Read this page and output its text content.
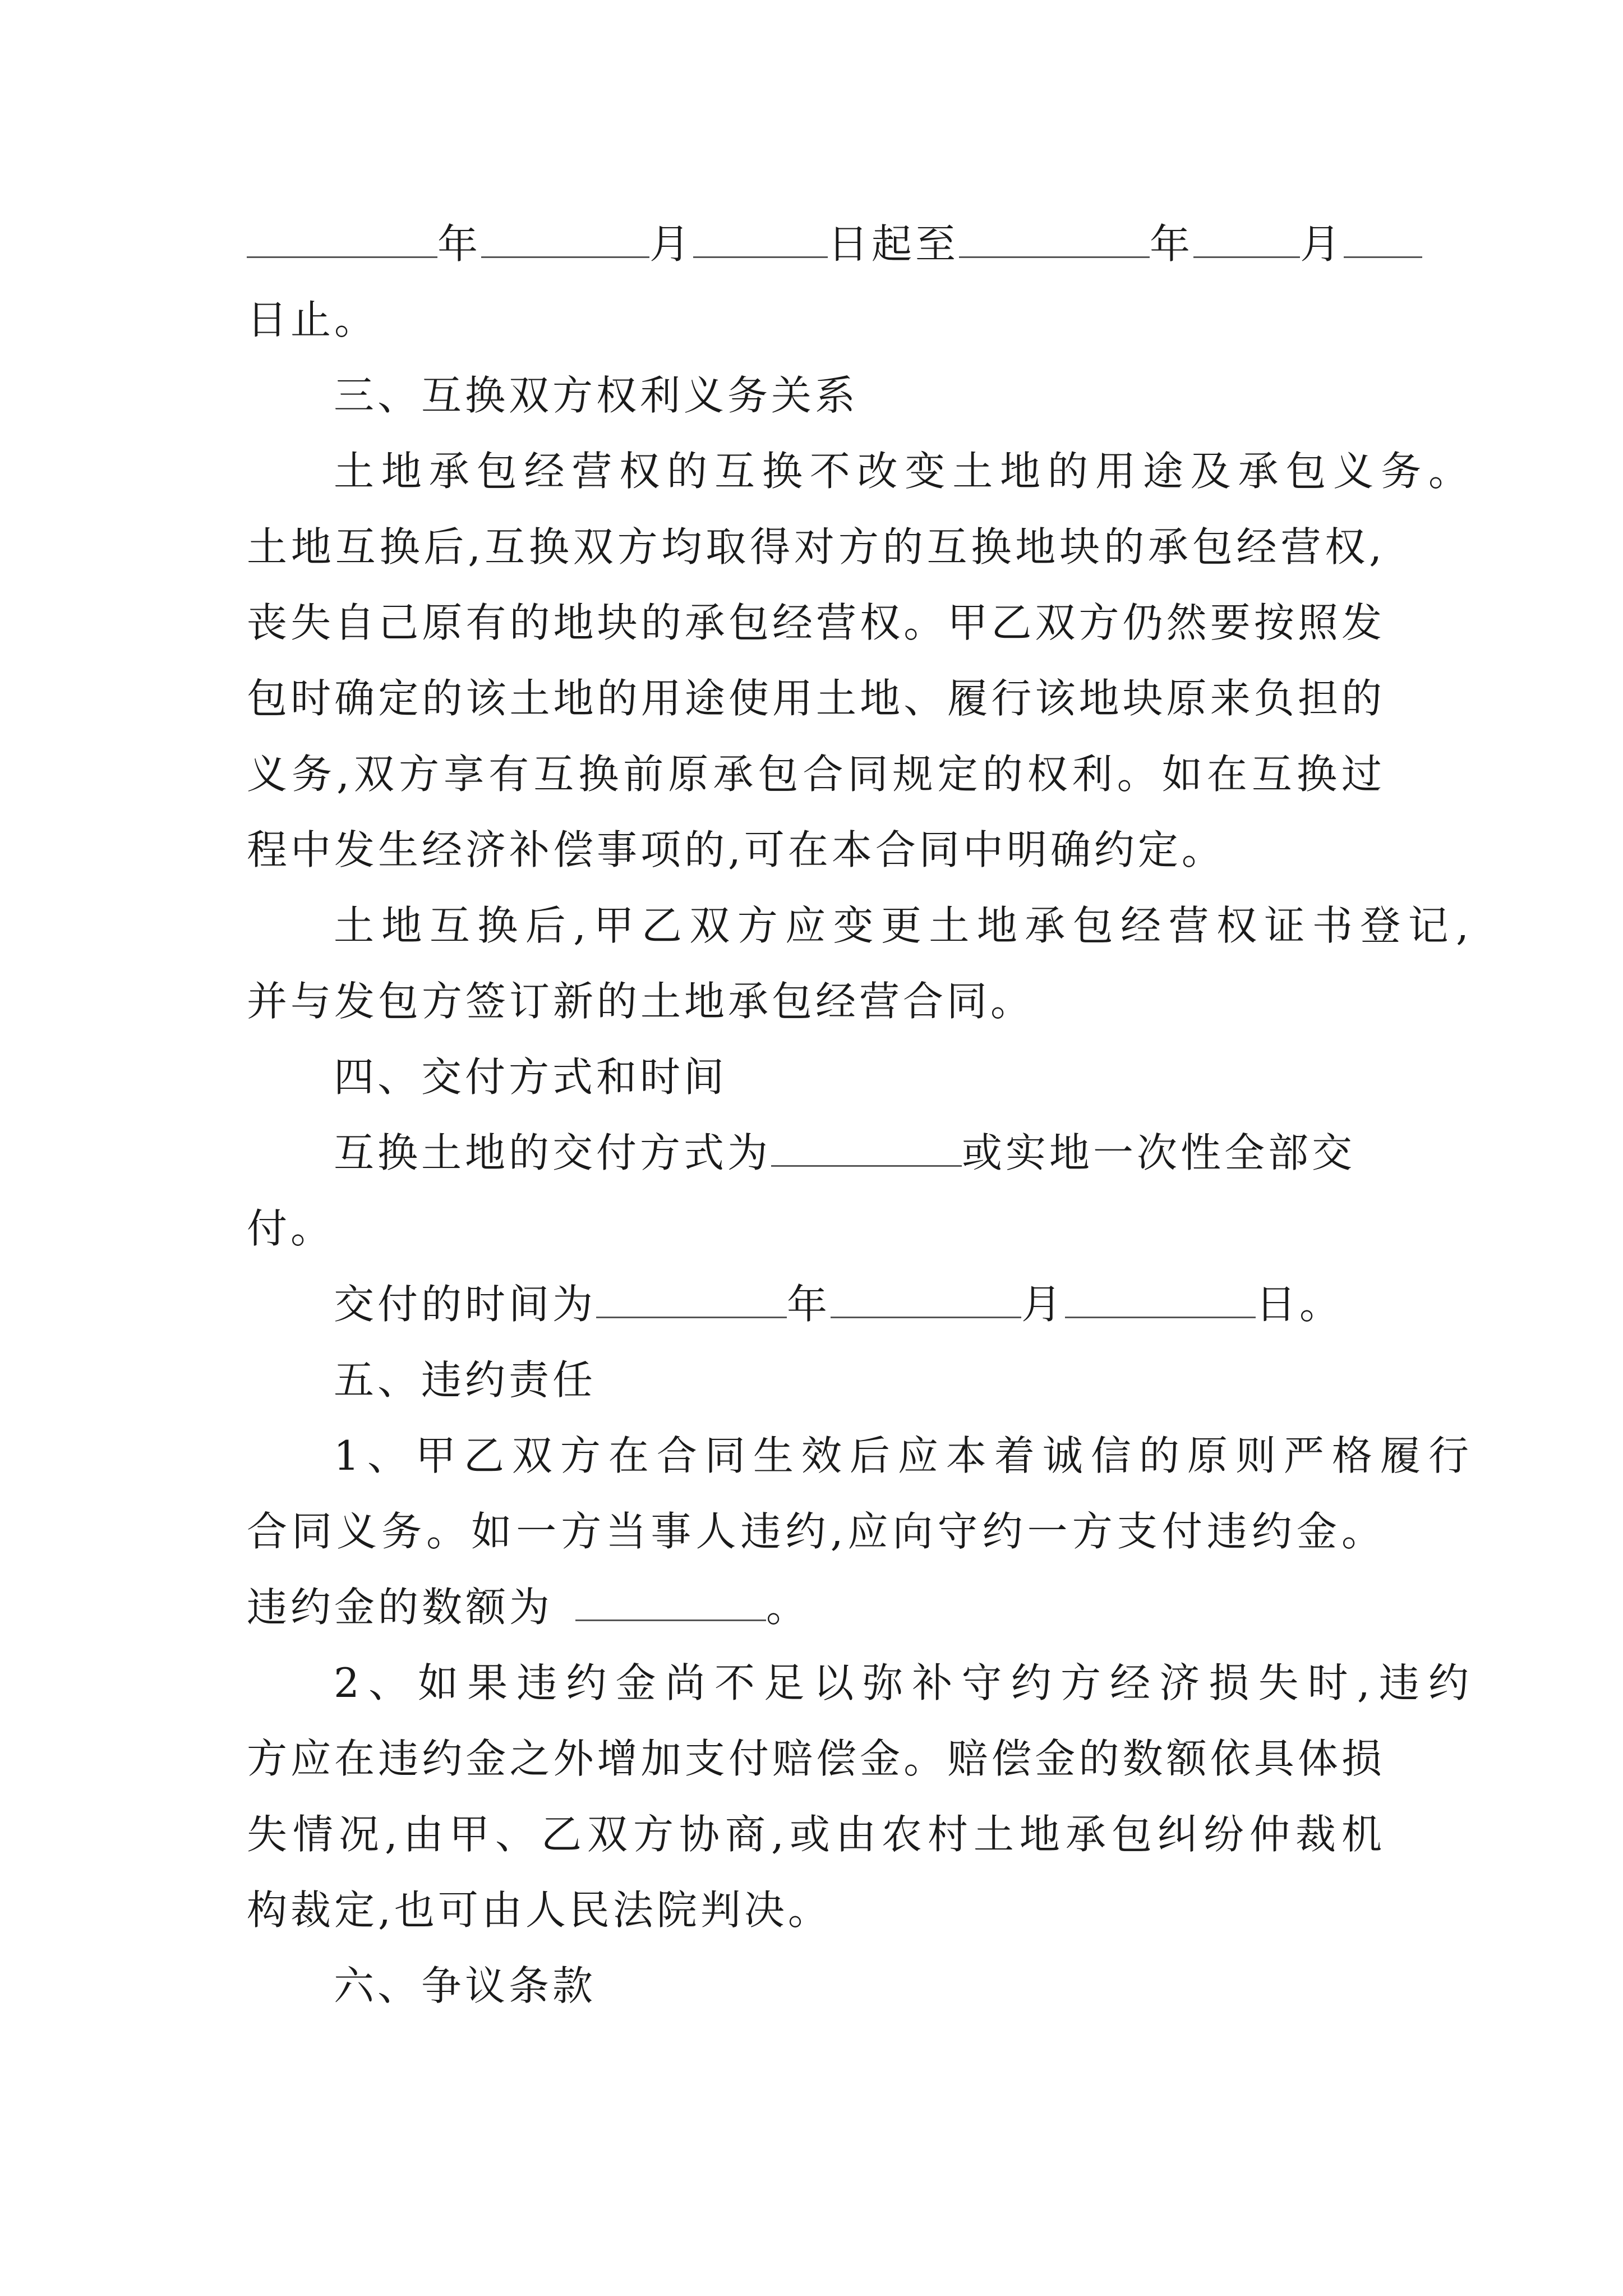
年	月	日起至	年	月
日止。
三、互换双方权利义务关系
土地承包经营权的互换不改变土地的用途及承包义务。
土地互换后,互换双方均取得对方的互换地块的承包经营权,
丧失自己原有的地块的承包经营权。甲乙双方仍然要按照发
包时确定的该土地的用途使用土地、履行该地块原来负担的
义务,双方享有互换前原承包合同规定的权利。如在互换过
程中发生经济补偿事项的,可在本合同中明确约定。
土地互换后,甲乙双方应变更土地承包经营权证书登记,
并与发包方签订新的土地承包经营合同。
四、交付方式和时间
互换土地的交付方式为	或实地一次性全部交
付。
交付的时间为	年	月	日。
五、违约责任
1、甲乙双方在合同生效后应本着诚信的原则严格履行
合同义务。如一方当事人违约,应向守约一方支付违约金。
违约金的数额为	。
2、如果违约金尚不足以弥补守约方经济损失时,违约
方应在违约金之外增加支付赔偿金。赔偿金的数额依具体损
失情况,由甲、乙双方协商,或由农村土地承包纠纷仲裁机
构裁定,也可由人民法院判决。
六、争议条款
